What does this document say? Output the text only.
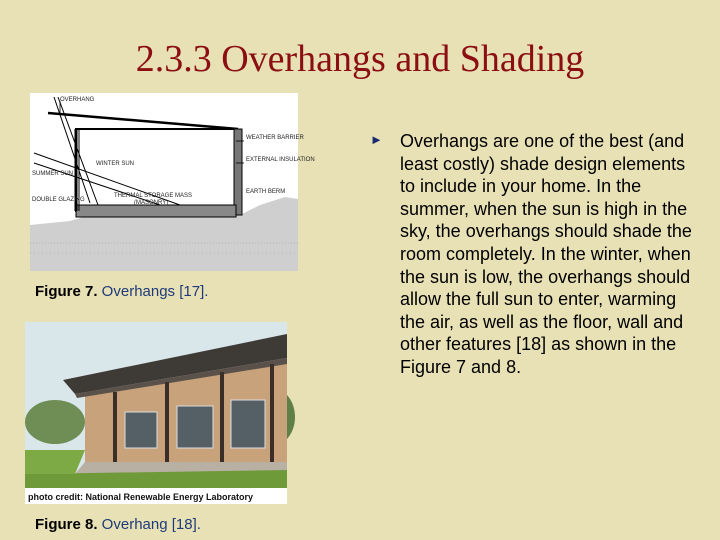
2.3.3 Overhangs and Shading
OVERHANG
WEATHER BARRIER
EXTERNAL INSULATION
WINTER SUN
SUMMER SUN
EARTH BERM
DOUBLE GLAZING
THERMAL STORAGE MASS
(MASONRY)
Figure 7. Overhangs [17].
photo credit: National Renewable Energy Laboratory
Figure 8. Overhang [18].
► Overhangs are one of the best (and least costly) shade design elements to include in your home. In the summer, when the sun is high in the sky, the overhangs should shade the room completely. In the winter, when the sun is low, the overhangs should allow the full sun to enter, warming the air, as well as the floor, wall and other features [18] as shown in the Figure 7 and 8.
